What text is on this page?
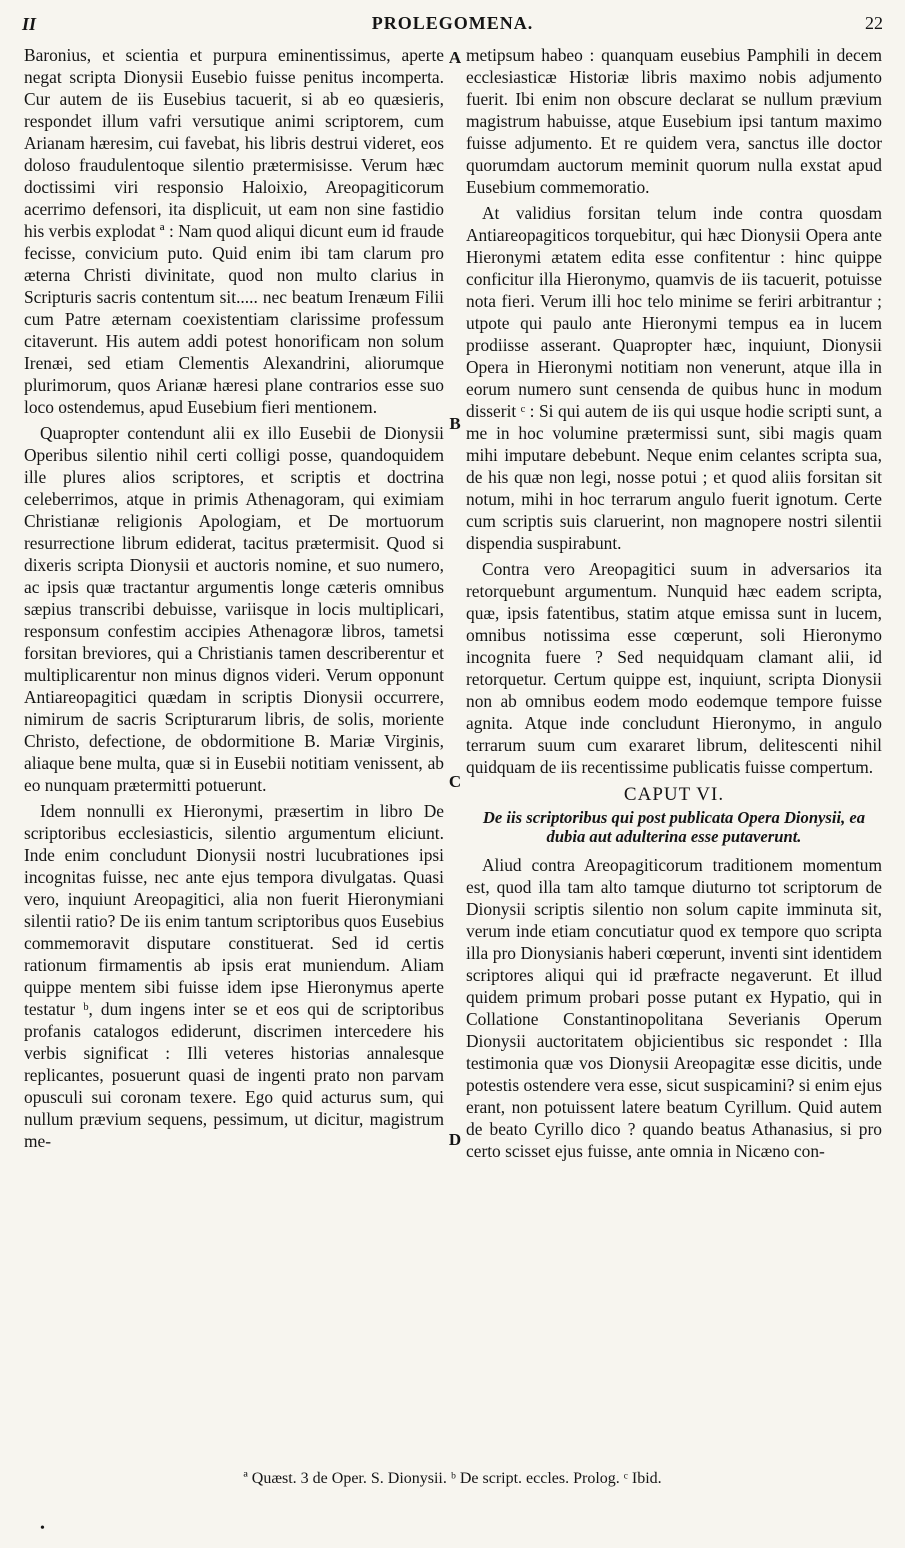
II	PROLEGOMENA.	22

Baronius, et scientia et purpura eminentissimus, aperte negat scripta Dionysii Eusebio fuisse penitus incomperta. Cur autem de iis Eusebius tacuerit, si ab eo quæsieris, respondet illum vafri versutique animi scriptorem, cum Arianam hæresim, cui favebat, his libris destrui videret, eos doloso fraudulentoque silentio prætermisisse. Verum hæc doctissimi viri responsio Haloixio, Areopagiticorum acerrimo defensori, ita displicuit, ut eam non sine fastidio his verbis explodat ª : Nam quod aliqui dicunt eum id fraude fecisse, convicium puto. Quid enim ibi tam clarum pro æterna Christi divinitate, quod non multo clarius in Scripturis sacris contentum sit..... nec beatum Irenæum Filii cum Patre æternam coexistentiam clarissime professum citaverunt. His autem addi potest honorificam non solum Irenæi, sed etiam Clementis Alexandrini, aliorumque plurimorum, quos Arianæ hæresi plane contrarios esse suo loco ostendemus, apud Eusebium fieri mentionem.

Quapropter contendunt alii ex illo Eusebii de Dionysii Operibus silentio nihil certi colligi posse, quandoquidem ille plures alios scriptores, et scriptis et doctrina celeberrimos, atque in primis Athenagoram, qui eximiam Christianæ religionis Apologiam, et De mortuorum resurrectione librum ediderat, tacitus prætermisit. Quod si dixeris scripta Dionysii et auctoris nomine, et suo numero, ac ipsis quæ tractantur argumentis longe cæteris omnibus sæpius transcribi debuisse, variisque in locis multiplicari, responsum confestim accipies Athenagoræ libros, tametsi forsitan breviores, qui a Christianis tamen describerentur et multiplicarentur non minus dignos videri. Verum opponunt Antiareopagitici quædam in scriptis Dionysii occurrere, nimirum de sacris Scripturarum libris, de solis, moriente Christo, defectione, de obdormitione B. Mariæ Virginis, aliaque bene multa, quæ si in Eusebii notitiam venissent, ab eo nunquam prætermitti potuerunt.

Idem nonnulli ex Hieronymi, præsertim in libro De scriptoribus ecclesiasticis, silentio argumentum eliciunt. Inde enim concludunt Dionysii nostri lucubrationes ipsi incognitas fuisse, nec ante ejus tempora divulgatas. Quasi vero, inquiunt Areopagitici, alia non fuerit Hieronymiani silentii ratio? De iis enim tantum scriptoribus quos Eusebius commemoravit disputare constituerat. Sed id certis rationum firmamentis ab ipsis erat muniendum. Aliam quippe mentem sibi fuisse idem ipse Hieronymus aperte testatur ᵇ, dum ingens inter se et eos qui de scriptoribus profanis catalogos ediderunt, discrimen intercedere his verbis significat : Illi veteres historias annalesque replicantes, posuerunt quasi de ingenti prato non parvam opusculi sui coronam texere. Ego quid acturus sum, qui nullum prævium sequens, pessimum, ut dicitur, magistrum me-

A
B
C
D

metipsum habeo : quanquam eusebius Pamphili in decem ecclesiasticæ Historiæ libris maximo nobis adjumento fuerit. Ibi enim non obscure declarat se nullum prævium magistrum habuisse, atque Eusebium ipsi tantum maximo fuisse adjumento. Et re quidem vera, sanctus ille doctor quorumdam auctorum meminit quorum nulla exstat apud Eusebium commemoratio.

At validius forsitan telum inde contra quosdam Antiareopagiticos torquebitur, qui hæc Dionysii Opera ante Hieronymi ætatem edita esse confitentur : hinc quippe conficitur illa Hieronymo, quamvis de iis tacuerit, potuisse nota fieri. Verum illi hoc telo minime se feriri arbitrantur ; utpote qui paulo ante Hieronymi tempus ea in lucem prodiisse asserant. Quapropter hæc, inquiunt, Dionysii Opera in Hieronymi notitiam non venerunt, atque illa in eorum numero sunt censenda de quibus hunc in modum disserit ᶜ : Si qui autem de iis qui usque hodie scripti sunt, a me in hoc volumine prætermissi sunt, sibi magis quam mihi imputare debebunt. Neque enim celantes scripta sua, de his quæ non legi, nosse potui ; et quod aliis forsitan sit notum, mihi in hoc terrarum angulo fuerit ignotum. Certe cum scriptis suis claruerint, non magnopere nostri silentii dispendia suspirabunt.

Contra vero Areopagitici suum in adversarios ita retorquebunt argumentum. Nunquid hæc eadem scripta, quæ, ipsis fatentibus, statim atque emissa sunt in lucem, omnibus notissima esse cœperunt, soli Hieronymo incognita fuere ? Sed nequidquam clamant alii, id retorquetur. Certum quippe est, inquiunt, scripta Dionysii non ab omnibus eodem modo eodemque tempore fuisse agnita. Atque inde concludunt Hieronymo, in angulo terrarum suum cum exararet librum, delitescenti nihil quidquam de iis recentissime publicatis fuisse compertum.

CAPUT VI.
De iis scriptoribus qui post publicata Opera Dionysii, ea dubia aut adulterina esse putaverunt.

Aliud contra Areopagiticorum traditionem momentum est, quod illa tam alto tamque diuturno tot scriptorum de Dionysii scriptis silentio non solum capite imminuta sit, verum inde etiam concutiatur quod ex tempore quo scripta illa pro Dionysianis haberi cœperunt, inventi sint identidem scriptores aliqui qui id præfracte negaverunt. Et illud quidem primum probari posse putant ex Hypatio, qui in Collatione Constantinopolitana Severianis Operum Dionysii auctoritatem objicientibus sic respondet : Illa testimonia quæ vos Dionysii Areopagitæ esse dicitis, unde potestis ostendere vera esse, sicut suspicamini? si enim ejus erant, non potuissent latere beatum Cyrillum. Quid autem de beato Cyrillo dico ? quando beatus Athanasius, si pro certo scisset ejus fuisse, ante omnia in Nicæno con-

ª Quæst. 3 de Oper. S. Dionysii. ᵇ De script. eccles. Prolog. ᶜ Ibid.
•
